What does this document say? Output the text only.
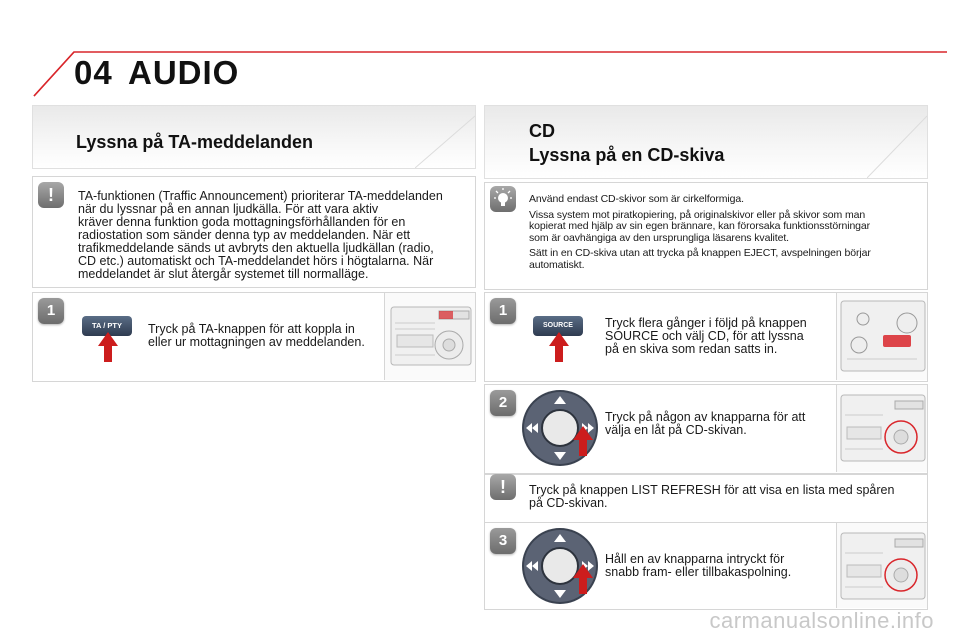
04 AUDIO
Lyssna på TA-meddelanden
!	TA-funktionen (Traffic Announcement) prioriterar TA-meddelanden
när du lyssnar på en annan ljudkälla. För att vara aktiv
kräver denna funktion goda mottagningsförhållanden för en
radiostation som sänder denna typ av meddelanden. När ett
trafikmeddelande sänds ut avbryts den aktuella ljudkällan (radio,
CD etc.) automatiskt och TA-meddelandet hörs i högtalarna. När
meddelandet är slut återgår systemet till normalläge.
1
TA / PTY	Tryck på TA-knappen för att koppla in
eller ur mottagningen av meddelanden.
CD
Lyssna på en CD-skiva
Använd endast CD-skivor som är cirkelformiga.
Vissa system mot piratkopiering, på originalskivor eller på skivor som man
kopierat med hjälp av sin egen brännare, kan förorsaka funktionsstörningar
som är oavhängiga av den ursprungliga läsarens kvalitet.
Sätt in en CD-skiva utan att trycka på knappen EJECT, avspelningen börjar
automatiskt.
1
SOURCE	Tryck flera gånger i följd på knappen
SOURCE och välj CD, för att lyssna
på en skiva som redan satts in.
2
Tryck på någon av knapparna för att
välja en låt på CD-skivan.
!	Tryck på knappen LIST REFRESH för att visa en lista med spåren
på CD-skivan.
3
Håll en av knapparna intryckt för
snabb fram- eller tillbakaspolning.
carmanualsonline.info
